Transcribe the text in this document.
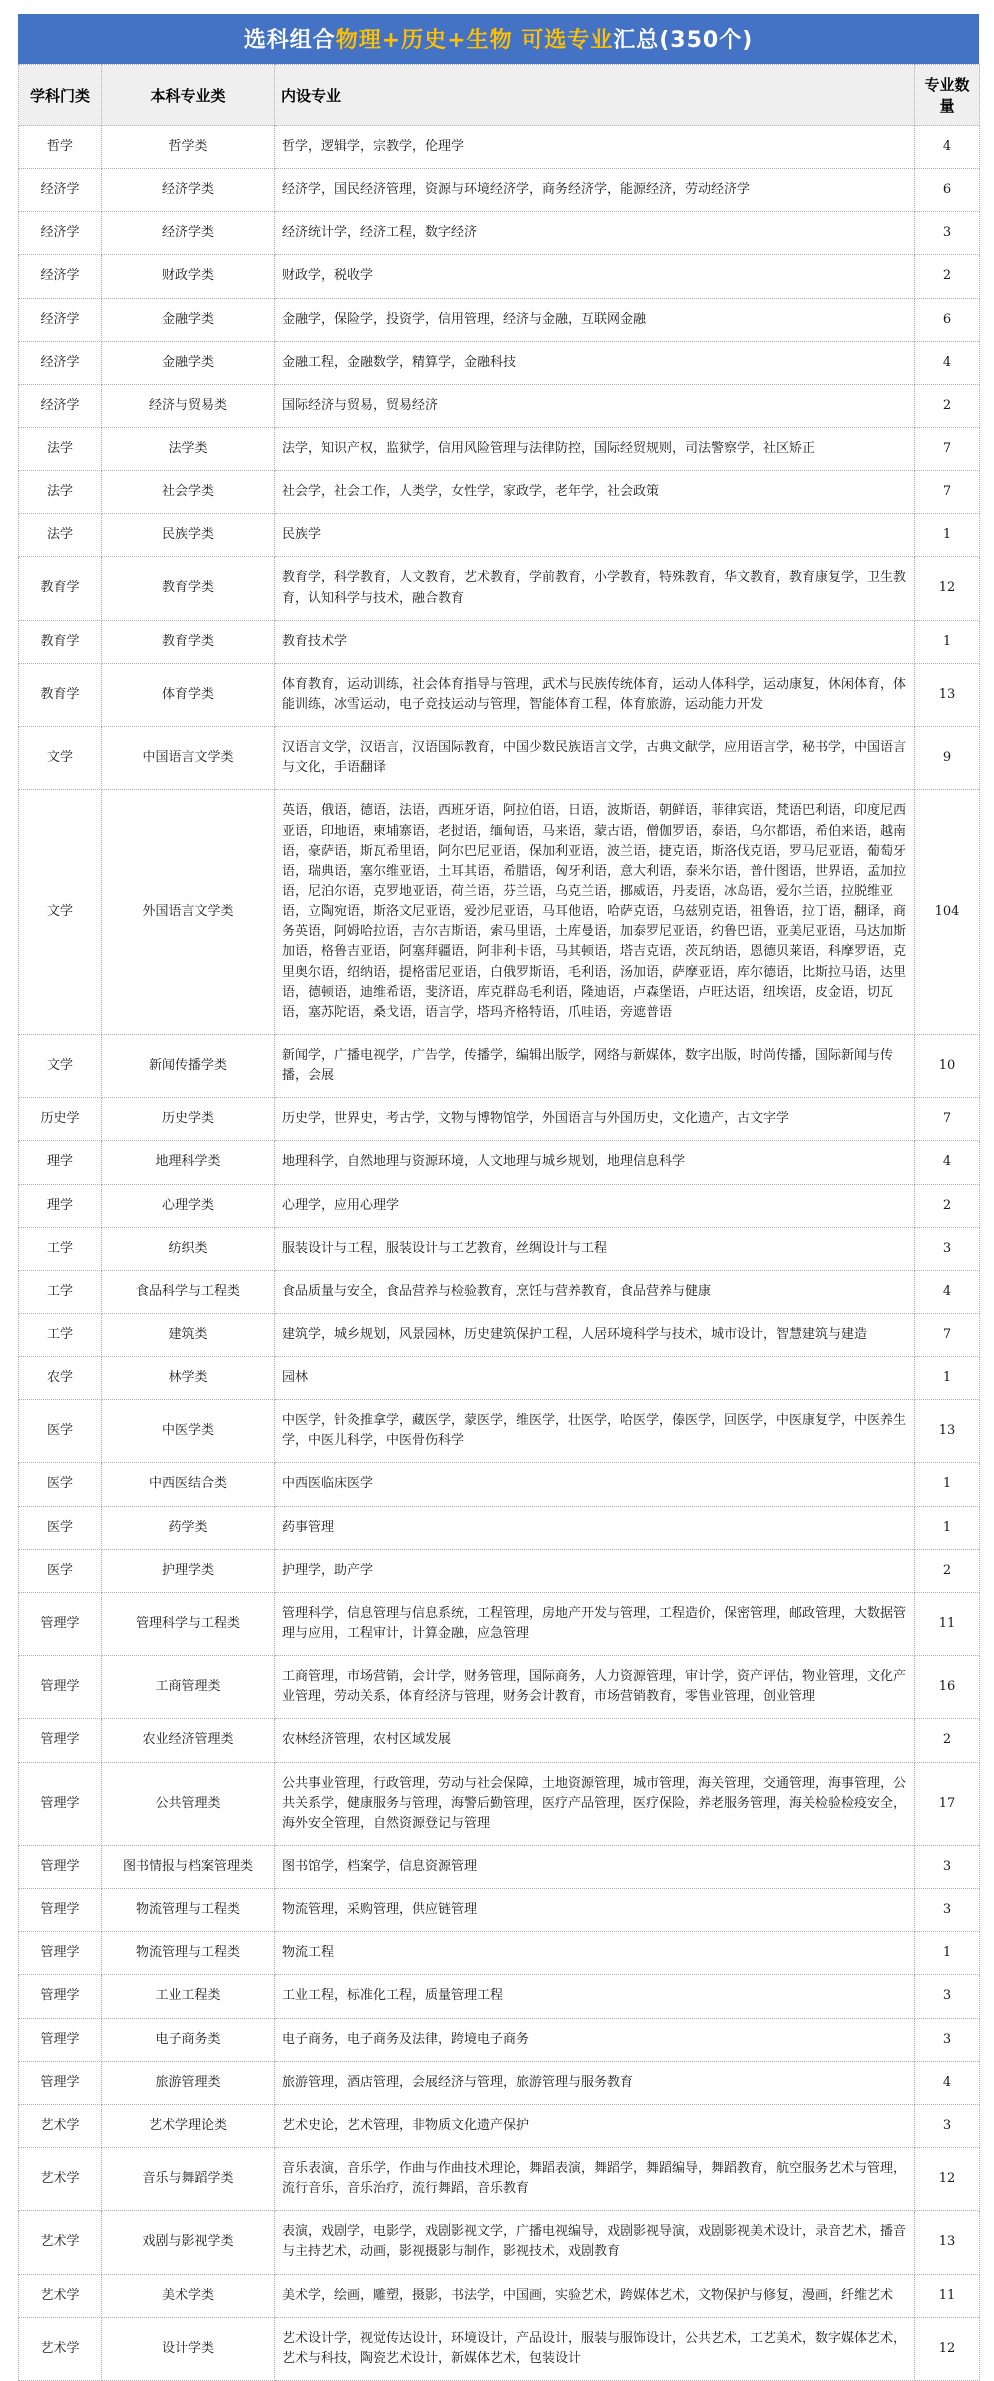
选科组合物理+历史+生物 可选专业汇总(350个)
学科门类	本科专业类	内设专业	专业数量
哲学	哲学类	哲学，逻辑学，宗教学，伦理学	4
经济学	经济学类	经济学，国民经济管理，资源与环境经济学，商务经济学，能源经济，劳动经济学	6
经济学	经济学类	经济统计学，经济工程，数字经济	3
经济学	财政学类	财政学，税收学	2
经济学	金融学类	金融学，保险学，投资学，信用管理，经济与金融，互联网金融	6
经济学	金融学类	金融工程，金融数学，精算学，金融科技	4
经济学	经济与贸易类	国际经济与贸易，贸易经济	2
法学	法学类	法学，知识产权，监狱学，信用风险管理与法律防控，国际经贸规则，司法警察学，社区矫正	7
法学	社会学类	社会学，社会工作，人类学，女性学，家政学，老年学，社会政策	7
法学	民族学类	民族学	1
教育学	教育学类	教育学，科学教育，人文教育，艺术教育，学前教育，小学教育，特殊教育，华文教育，教育康复学，卫生教育，认知科学与技术，融合教育	12
教育学	教育学类	教育技术学	1
教育学	体育学类	体育教育，运动训练，社会体育指导与管理，武术与民族传统体育，运动人体科学，运动康复，休闲体育，体能训练，冰雪运动，电子竞技运动与管理，智能体育工程，体育旅游，运动能力开发	13
文学	中国语言文学类	汉语言文学，汉语言，汉语国际教育，中国少数民族语言文学，古典文献学，应用语言学，秘书学，中国语言与文化，手语翻译	9
文学	外国语言文学类	英语，俄语，德语，法语，西班牙语，阿拉伯语，日语，波斯语，朝鲜语，菲律宾语，梵语巴利语，印度尼西亚语，印地语，柬埔寨语，老挝语，缅甸语，马来语，蒙古语，僧伽罗语，泰语，乌尔都语，希伯来语，越南语，豪萨语，斯瓦希里语，阿尔巴尼亚语，保加利亚语，波兰语，捷克语，斯洛伐克语，罗马尼亚语，葡萄牙语，瑞典语，塞尔维亚语，土耳其语，希腊语，匈牙利语，意大利语，泰米尔语，普什图语，世界语，孟加拉语，尼泊尔语，克罗地亚语，荷兰语，芬兰语，乌克兰语，挪威语，丹麦语，冰岛语，爱尔兰语，拉脱维亚语，立陶宛语，斯洛文尼亚语，爱沙尼亚语，马耳他语，哈萨克语，乌兹别克语，祖鲁语，拉丁语，翻译，商务英语，阿姆哈拉语，吉尔吉斯语，索马里语，土库曼语，加泰罗尼亚语，约鲁巴语，亚美尼亚语，马达加斯加语，格鲁吉亚语，阿塞拜疆语，阿非利卡语，马其顿语，塔吉克语，茨瓦纳语，恩德贝莱语，科摩罗语，克里奥尔语，绍纳语，提格雷尼亚语，白俄罗斯语，毛利语，汤加语，萨摩亚语，库尔德语，比斯拉马语，达里语，德顿语，迪维希语，斐济语，库克群岛毛利语，隆迪语，卢森堡语，卢旺达语，纽埃语，皮金语，切瓦语，塞苏陀语，桑戈语，语言学，塔玛齐格特语，爪哇语，旁遮普语	104
文学	新闻传播学类	新闻学，广播电视学，广告学，传播学，编辑出版学，网络与新媒体，数字出版，时尚传播，国际新闻与传播，会展	10
历史学	历史学类	历史学，世界史，考古学，文物与博物馆学，外国语言与外国历史，文化遗产，古文字学	7
理学	地理科学类	地理科学，自然地理与资源环境，人文地理与城乡规划，地理信息科学	4
理学	心理学类	心理学，应用心理学	2
工学	纺织类	服装设计与工程，服装设计与工艺教育，丝绸设计与工程	3
工学	食品科学与工程类	食品质量与安全，食品营养与检验教育，烹饪与营养教育，食品营养与健康	4
工学	建筑类	建筑学，城乡规划，风景园林，历史建筑保护工程，人居环境科学与技术，城市设计，智慧建筑与建造	7
农学	林学类	园林	1
医学	中医学类	中医学，针灸推拿学，藏医学，蒙医学，维医学，壮医学，哈医学，傣医学，回医学，中医康复学，中医养生学，中医儿科学，中医骨伤科学	13
医学	中西医结合类	中西医临床医学	1
医学	药学类	药事管理	1
医学	护理学类	护理学，助产学	2
管理学	管理科学与工程类	管理科学，信息管理与信息系统，工程管理，房地产开发与管理，工程造价，保密管理，邮政管理，大数据管理与应用，工程审计，计算金融，应急管理	11
管理学	工商管理类	工商管理，市场营销，会计学，财务管理，国际商务，人力资源管理，审计学，资产评估，物业管理，文化产业管理，劳动关系，体育经济与管理，财务会计教育，市场营销教育，零售业管理，创业管理	16
管理学	农业经济管理类	农林经济管理，农村区域发展	2
管理学	公共管理类	公共事业管理，行政管理，劳动与社会保障，土地资源管理，城市管理，海关管理，交通管理，海事管理，公共关系学，健康服务与管理，海警后勤管理，医疗产品管理，医疗保险，养老服务管理，海关检验检疫安全，海外安全管理，自然资源登记与管理	17
管理学	图书情报与档案管理类	图书馆学，档案学，信息资源管理	3
管理学	物流管理与工程类	物流管理，采购管理，供应链管理	3
管理学	物流管理与工程类	物流工程	1
管理学	工业工程类	工业工程，标准化工程，质量管理工程	3
管理学	电子商务类	电子商务，电子商务及法律，跨境电子商务	3
管理学	旅游管理类	旅游管理，酒店管理，会展经济与管理，旅游管理与服务教育	4
艺术学	艺术学理论类	艺术史论，艺术管理，非物质文化遗产保护	3
艺术学	音乐与舞蹈学类	音乐表演，音乐学，作曲与作曲技术理论，舞蹈表演，舞蹈学，舞蹈编导，舞蹈教育，航空服务艺术与管理，流行音乐，音乐治疗，流行舞蹈，音乐教育	12
艺术学	戏剧与影视学类	表演，戏剧学，电影学，戏剧影视文学，广播电视编导，戏剧影视导演，戏剧影视美术设计，录音艺术，播音与主持艺术，动画，影视摄影与制作，影视技术，戏剧教育	13
艺术学	美术学类	美术学，绘画，雕塑，摄影，书法学，中国画，实验艺术，跨媒体艺术，文物保护与修复，漫画，纤维艺术	11
艺术学	设计学类	艺术设计学，视觉传达设计，环境设计，产品设计，服装与服饰设计，公共艺术，工艺美术，数字媒体艺术，艺术与科技，陶瓷艺术设计，新媒体艺术，包装设计	12
